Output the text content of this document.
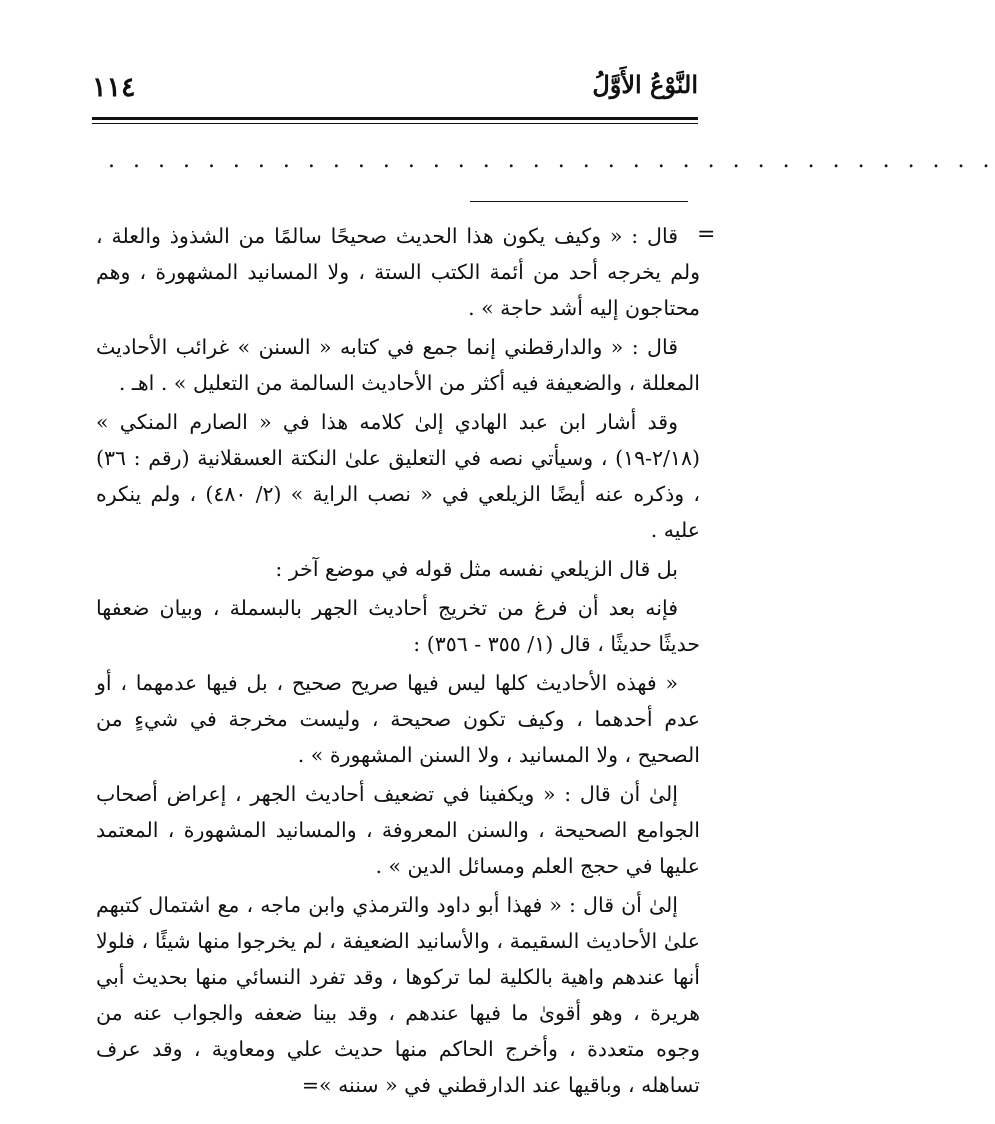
١١٤	النَّوْعُ الأَوَّلُ
. . . . . . . . . . . . . . . . . . . . . . . . . . . . . . . . . . . .
=

قال : « وكيف يكون هذا الحديث صحيحًا سالمًا من الشذوذ والعلة ، ولم يخرجه أحد من أئمة الكتب الستة ، ولا المسانيد المشهورة ، وهم محتاجون إليه أشد حاجة » .

قال : « والدارقطني إنما جمع في كتابه « السنن » غرائب الأحاديث المعللة ، والضعيفة فيه أكثر من الأحاديث السالمة من التعليل » . اهـ .

وقد أشار ابن عبد الهادي إلىٰ كلامه هذا في « الصارم المنكي » (٢/١٨-١٩) ، وسيأتي نصه في التعليق علىٰ النكتة العسقلانية (رقم : ٣٦) ، وذكره عنه أيضًا الزيلعي في « نصب الراية » (٢/ ٤٨٠) ، ولم ينكره عليه .

بل قال الزيلعي نفسه مثل قوله في موضع آخر :

فإنه بعد أن فرغ من تخريج أحاديث الجهر بالبسملة ، وبيان ضعفها حديثًا حديثًا ، قال (١/ ٣٥٥ - ٣٥٦) :

« فهذه الأحاديث كلها ليس فيها صريح صحيح ، بل فيها عدمهما ، أو عدم أحدهما ، وكيف تكون صحيحة ، وليست مخرجة في شيءٍ من الصحيح ، ولا المسانيد ، ولا السنن المشهورة » .

إلىٰ أن قال : « ويكفينا في تضعيف أحاديث الجهر ، إعراض أصحاب الجوامع الصحيحة ، والسنن المعروفة ، والمسانيد المشهورة ، المعتمد عليها في حجج العلم ومسائل الدين » .

إلىٰ أن قال : « فهذا أبو داود والترمذي وابن ماجه ، مع اشتمال كتبهم علىٰ الأحاديث السقيمة ، والأسانيد الضعيفة ، لم يخرجوا منها شيئًا ، فلولا أنها عندهم واهية بالكلية لما تركوها ، وقد تفرد النسائي منها بحديث أبي هريرة ، وهو أقوىٰ ما فيها عندهم ، وقد بينا ضعفه والجواب عنه من وجوه متعددة ، وأخرج الحاكم منها حديث علي ومعاوية ، وقد عرف تساهله ، وباقيها عند الدارقطني في « سننه »=
